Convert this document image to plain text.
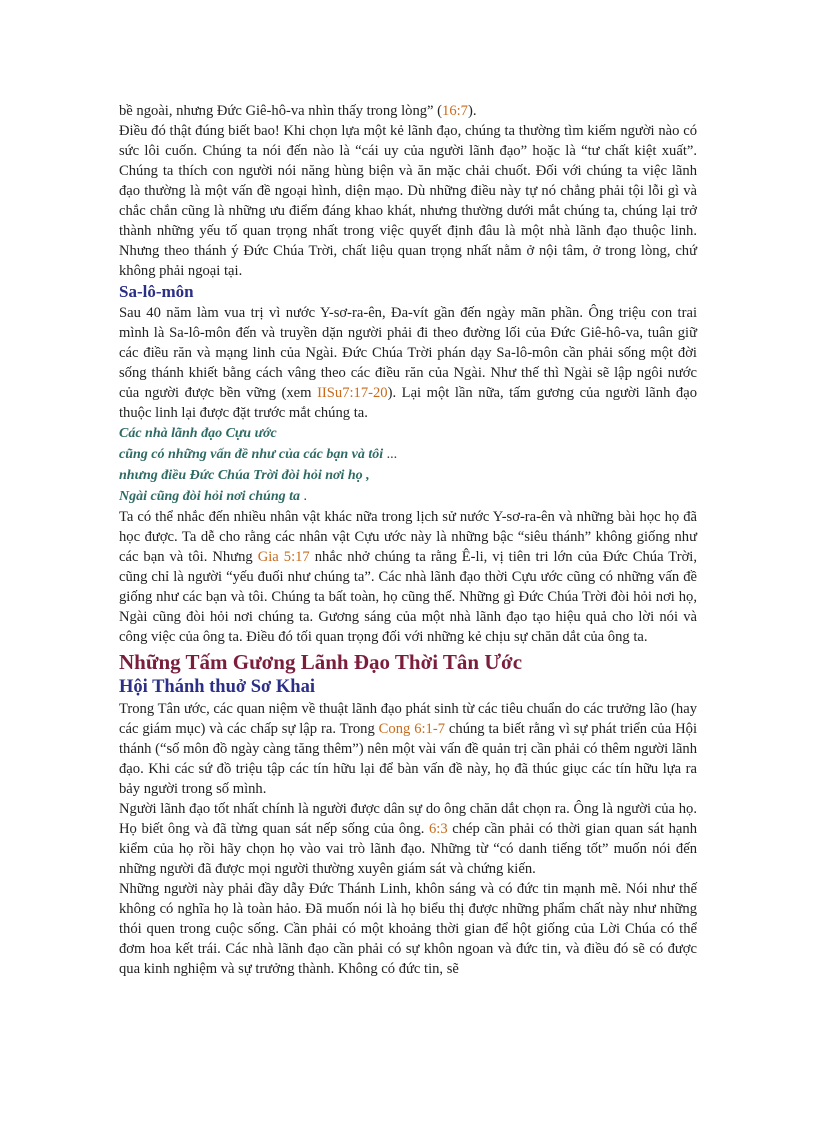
bề ngoài, nhưng Đức Giê-hô-va nhìn thấy trong lòng” (16:7).

Điều đó thật đúng biết bao! Khi chọn lựa một kẻ lãnh đạo, chúng ta thường tìm kiếm người nào có sức lôi cuốn. Chúng ta nói đến nào là “cái uy của người lãnh đạo” hoặc là “tư chất kiệt xuất”. Chúng ta thích con người nói năng hùng biện và ăn mặc chải chuốt. Đối với chúng ta việc lãnh đạo thường là một vấn đề ngoại hình, diện mạo. Dù những điều này tự nó chẳng phải tội lỗi gì và chắc chắn cũng là những ưu điểm đáng khao khát, nhưng thường dưới mắt chúng ta, chúng lại trở thành những yếu tố quan trọng nhất trong việc quyết định đâu là một nhà lãnh đạo thuộc linh. Nhưng theo thánh ý Đức Chúa Trời, chất liệu quan trọng nhất nằm ở nội tâm, ở trong lòng, chứ không phải ngoại tại.

Sa-lô-môn

Sau 40 năm làm vua trị vì nước Y-sơ-ra-ên, Đa-vít gần đến ngày mãn phần. Ông triệu con trai mình là Sa-lô-môn đến và truyền dặn người phải đi theo đường lối của Đức Giê-hô-va, tuân giữ các điều răn và mạng linh của Ngài. Đức Chúa Trời phán dạy Sa-lô-môn cần phải sống một đời sống thánh khiết bằng cách vâng theo các điều răn của Ngài. Như thế thì Ngài sẽ lập ngôi nước của người được bền vững (xem IISu7:17-20). Lại một lần nữa, tấm gương của người lãnh đạo thuộc linh lại được đặt trước mắt chúng ta.

Các nhà lãnh đạo Cựu ước

cũng có những vấn đề như của các bạn và tôi ...

nhưng điều Đức Chúa Trời đòi hỏi nơi họ ,

Ngài cũng đòi hỏi nơi chúng ta .

Ta có thể nhắc đến nhiều nhân vật khác nữa trong lịch sử nước Y-sơ-ra-ên và những bài học họ đã học được. Ta dễ cho rằng các nhân vật Cựu ước này là những bậc “siêu thánh” không giống như các bạn và tôi. Nhưng Gia 5:17 nhắc nhở chúng ta rằng Ê-li, vị tiên tri lớn của Đức Chúa Trời, cũng chỉ là người “yếu đuối như chúng ta”. Các nhà lãnh đạo thời Cựu ước cũng có những vấn đề giống như các bạn và tôi. Chúng ta bất toàn, họ cũng thế. Những gì Đức Chúa Trời đòi hỏi nơi họ, Ngài cũng đòi hỏi nơi chúng ta. Gương sáng của một nhà lãnh đạo tạo hiệu quả cho lời nói và công việc của ông ta. Điều đó tối quan trọng đối với những kẻ chịu sự chăn dắt của ông ta.

Những Tấm Gương Lãnh Đạo Thời Tân Ước
Hội Thánh thuở Sơ Khai

Trong Tân ước, các quan niệm về thuật lãnh đạo phát sinh từ các tiêu chuẩn do các trưởng lão (hay các giám mục) và các chấp sự lập ra. Trong Cong 6:1-7 chúng ta biết rằng vì sự phát triển của Hội thánh (“số môn đồ ngày càng tăng thêm”) nên một vài vấn đề quản trị cần phải có thêm người lãnh đạo. Khi các sứ đồ triệu tập các tín hữu lại để bàn vấn đề này, họ đã thúc giục các tín hữu lựa ra bảy người trong số mình.

Người lãnh đạo tốt nhất chính là người được dân sự do ông chăn dắt chọn ra. Ông là người của họ. Họ biết ông và đã từng quan sát nếp sống của ông. 6:3 chép cần phải có thời gian quan sát hạnh kiểm của họ rồi hãy chọn họ vào vai trò lãnh đạo. Những từ “có danh tiếng tốt” muốn nói đến những người đã được mọi người thường xuyên giám sát và chứng kiến.

Những người này phải đầy dẫy Đức Thánh Linh, khôn sáng và có đức tin mạnh mẽ. Nói như thế không có nghĩa họ là toàn hảo. Đã muốn nói là họ biểu thị được những phẩm chất này như những thói quen trong cuộc sống. Cần phải có một khoảng thời gian để hột giống của Lời Chúa có thể đơm hoa kết trái. Các nhà lãnh đạo cần phải có sự khôn ngoan và đức tin, và điều đó sẽ có được qua kinh nghiệm và sự trưởng thành. Không có đức tin, sẽ
